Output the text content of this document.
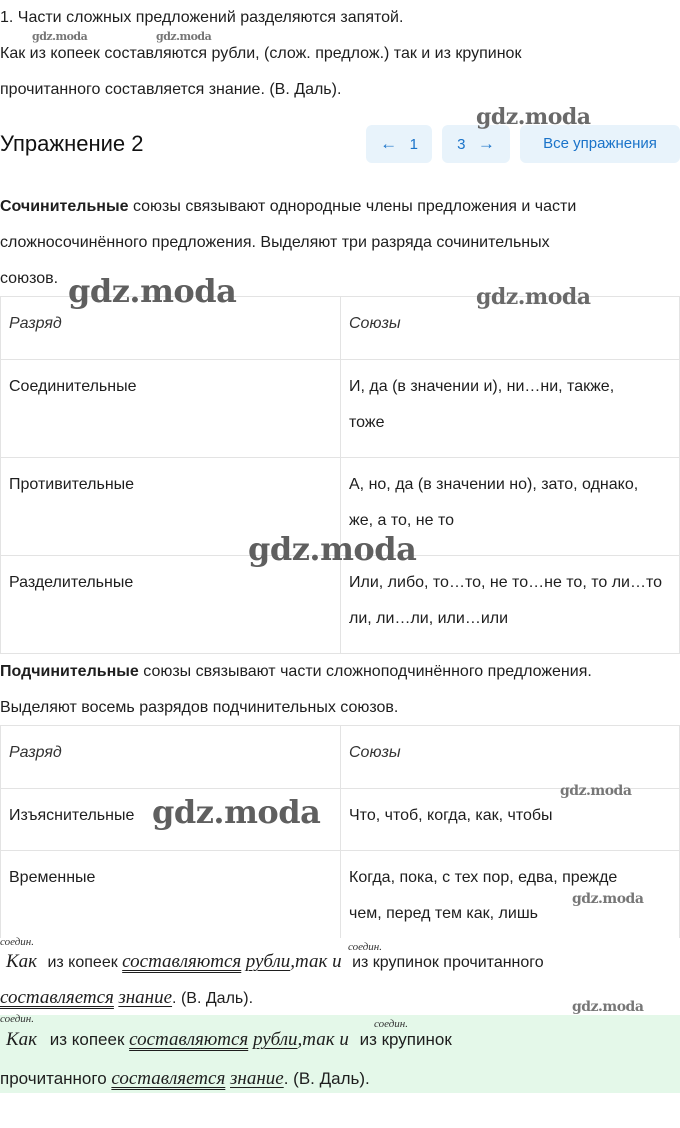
1. Части сложных предложений разделяются запятой.
Как из копеек составляются рубли, (слож. предлож.) так и из крупинок
прочитанного составляется знание. (В. Даль).
Упражнение 2	← 1	3 →	Все упражнения
Сочинительные союзы связывают однородные члены предложения и части
сложносочинённого предложения. Выделяют три разряда сочинительных
союзов.
Разряд	Союзы
Соединительные	И, да (в значении и), ни…ни, также,
тоже
Противительные	А, но, да (в значении но), зато, однако,
же, а то, не то
Разделительные	Или, либо, то…то, не то…не то, то ли…то
ли, ли…ли, или…или
Подчинительные союзы связывают части сложноподчинённого предложения.
Выделяют восемь разрядов подчинительных союзов.
Разряд	Союзы
Изъяснительные	Что, чтоб, когда, как, чтобы
Временные	Когда, пока, с тех пор, едва, прежде
чем, перед тем как, лишь
соедин.	соедин.
Как из копеек составляются рубли,так и из крупинок прочитанного
составляется знание. (В. Даль).
соедин.	соедин.
Как из копеек составляются рубли,так и из крупинок
прочитанного составляется знание. (В. Даль).
gdz.moda	gdz.moda
gdz.moda
gdz.moda	gdz.moda
gdz.moda
gdz.moda
gdz.moda
gdz.moda
gdz.moda
